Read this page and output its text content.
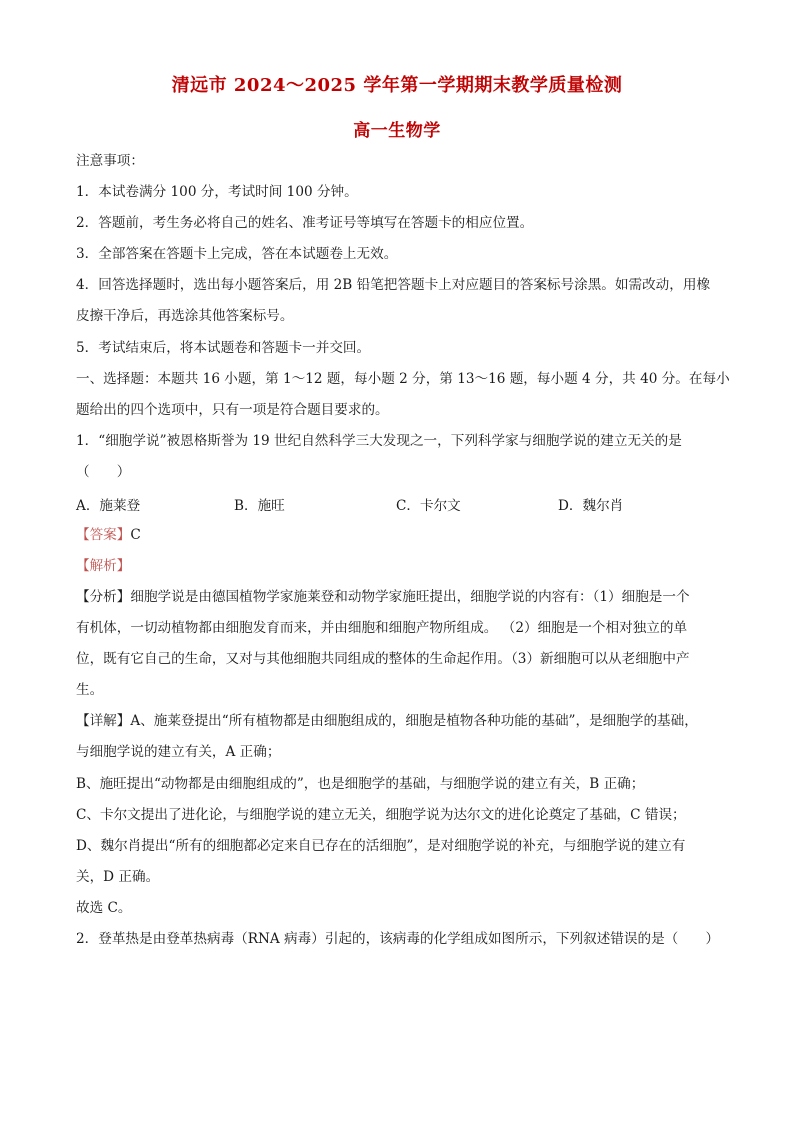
清远市 2024～2025 学年第一学期期末教学质量检测
高一生物学
注意事项：
1．本试卷满分 100 分，考试时间 100 分钟。
2．答题前，考生务必将自己的姓名、准考证号等填写在答题卡的相应位置。
3．全部答案在答题卡上完成，答在本试题卷上无效。
4．回答选择题时，选出每小题答案后，用 2B 铅笔把答题卡上对应题目的答案标号涂黑。如需改动，用橡
皮擦干净后，再选涂其他答案标号。
5．考试结束后，将本试题卷和答题卡一并交回。
一、选择题：本题共 16 小题，第 1～12 题，每小题 2 分，第 13～16 题，每小题 4 分，共 40 分。在每小
题给出的四个选项中，只有一项是符合题目要求的。
1．“细胞学说”被恩格斯誉为 19 世纪自然科学三大发现之一，下列科学家与细胞学说的建立无关的是
（　　）
A．施莱登	B．施旺	C．卡尔文	D．魏尔肖
【答案】C
【解析】
【分析】细胞学说是由德国植物学家施莱登和动物学家施旺提出，细胞学说的内容有：（1）细胞是一个
有机体，一切动植物都由细胞发育而来，并由细胞和细胞产物所组成。 （2）细胞是一个相对独立的单
位，既有它自己的生命，又对与其他细胞共同组成的整体的生命起作用。（3）新细胞可以从老细胞中产
生。
【详解】A、施莱登提出“所有植物都是由细胞组成的，细胞是植物各种功能的基础”，是细胞学的基础，
与细胞学说的建立有关，A 正确；
B、施旺提出“动物都是由细胞组成的”，也是细胞学的基础，与细胞学说的建立有关，B 正确；
C、卡尔文提出了进化论，与细胞学说的建立无关，细胞学说为达尔文的进化论奠定了基础，C 错误；
D、魏尔肖提出“所有的细胞都必定来自已存在的活细胞”，是对细胞学说的补充，与细胞学说的建立有
关，D 正确。
故选 C。
2．登革热是由登革热病毒（RNA 病毒）引起的，该病毒的化学组成如图所示，下列叙述错误的是（　　）
